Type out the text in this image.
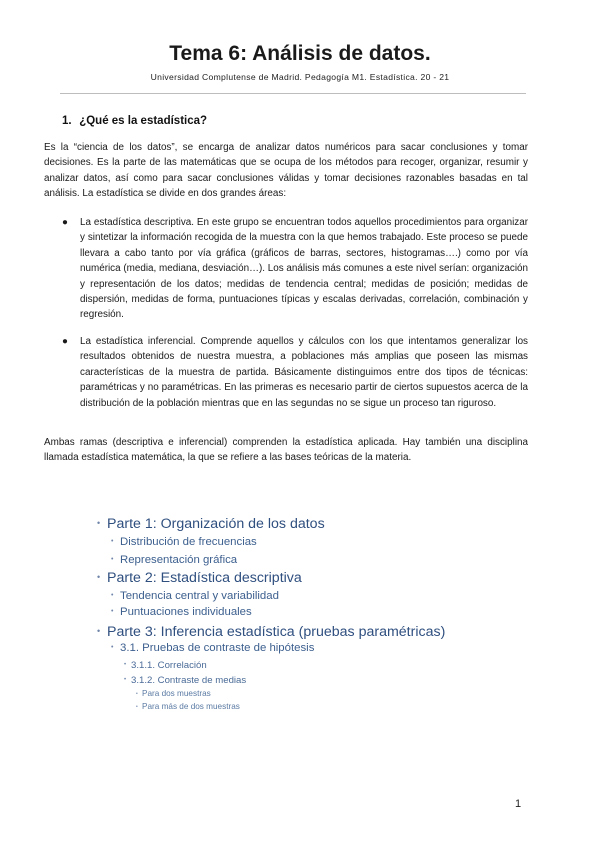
Tema 6: Análisis de datos.
Universidad Complutense de Madrid. Pedagogía M1. Estadística. 20 - 21
1. ¿Qué es la estadística?
Es la “ciencia de los datos”, se encarga de analizar datos numéricos para sacar conclusiones y tomar decisiones. Es la parte de las matemáticas que se ocupa de los métodos para recoger, organizar, resumir y analizar datos, así como para sacar conclusiones válidas y tomar decisiones razonables basadas en tal análisis. La estadística se divide en dos grandes áreas:
●	La estadística descriptiva. En este grupo se encuentran todos aquellos procedimientos para organizar y sintetizar la información recogida de la muestra con la que hemos trabajado. Este proceso se puede llevara a cabo tanto por vía gráfica (gráficos de barras, sectores, histogramas….) como por vía numérica (media, mediana, desviación…). Los análisis más comunes a este nivel serían: organización y representación de los datos; medidas de tendencia central; medidas de posición; medidas de dispersión, medidas de forma, puntuaciones típicas y escalas derivadas, correlación, combinación y regresión.
●	La estadística inferencial. Comprende aquellos y cálculos con los que intentamos generalizar los resultados obtenidos de nuestra muestra, a poblaciones más amplias que poseen las mismas características de la muestra de partida. Básicamente distinguimos entre dos tipos de técnicas: paramétricas y no paramétricas. En las primeras es necesario partir de ciertos supuestos acerca de la distribución de la población mientras que en las segundas no se sigue un proceso tan riguroso.
Ambas ramas (descriptiva e inferencial) comprenden la estadística aplicada. Hay también una disciplina llamada estadística matemática, la que se refiere a las bases teóricas de la materia.
• Parte 1: Organización de los datos
• Distribución de frecuencias
• Representación gráfica
• Parte 2: Estadística descriptiva
• Tendencia central y variabilidad
• Puntuaciones individuales
• Parte 3: Inferencia estadística (pruebas paramétricas)
• 3.1. Pruebas de contraste de hipótesis
• 3.1.1. Correlación
• 3.1.2. Contraste de medias
• Para dos muestras
• Para más de dos muestras
1
